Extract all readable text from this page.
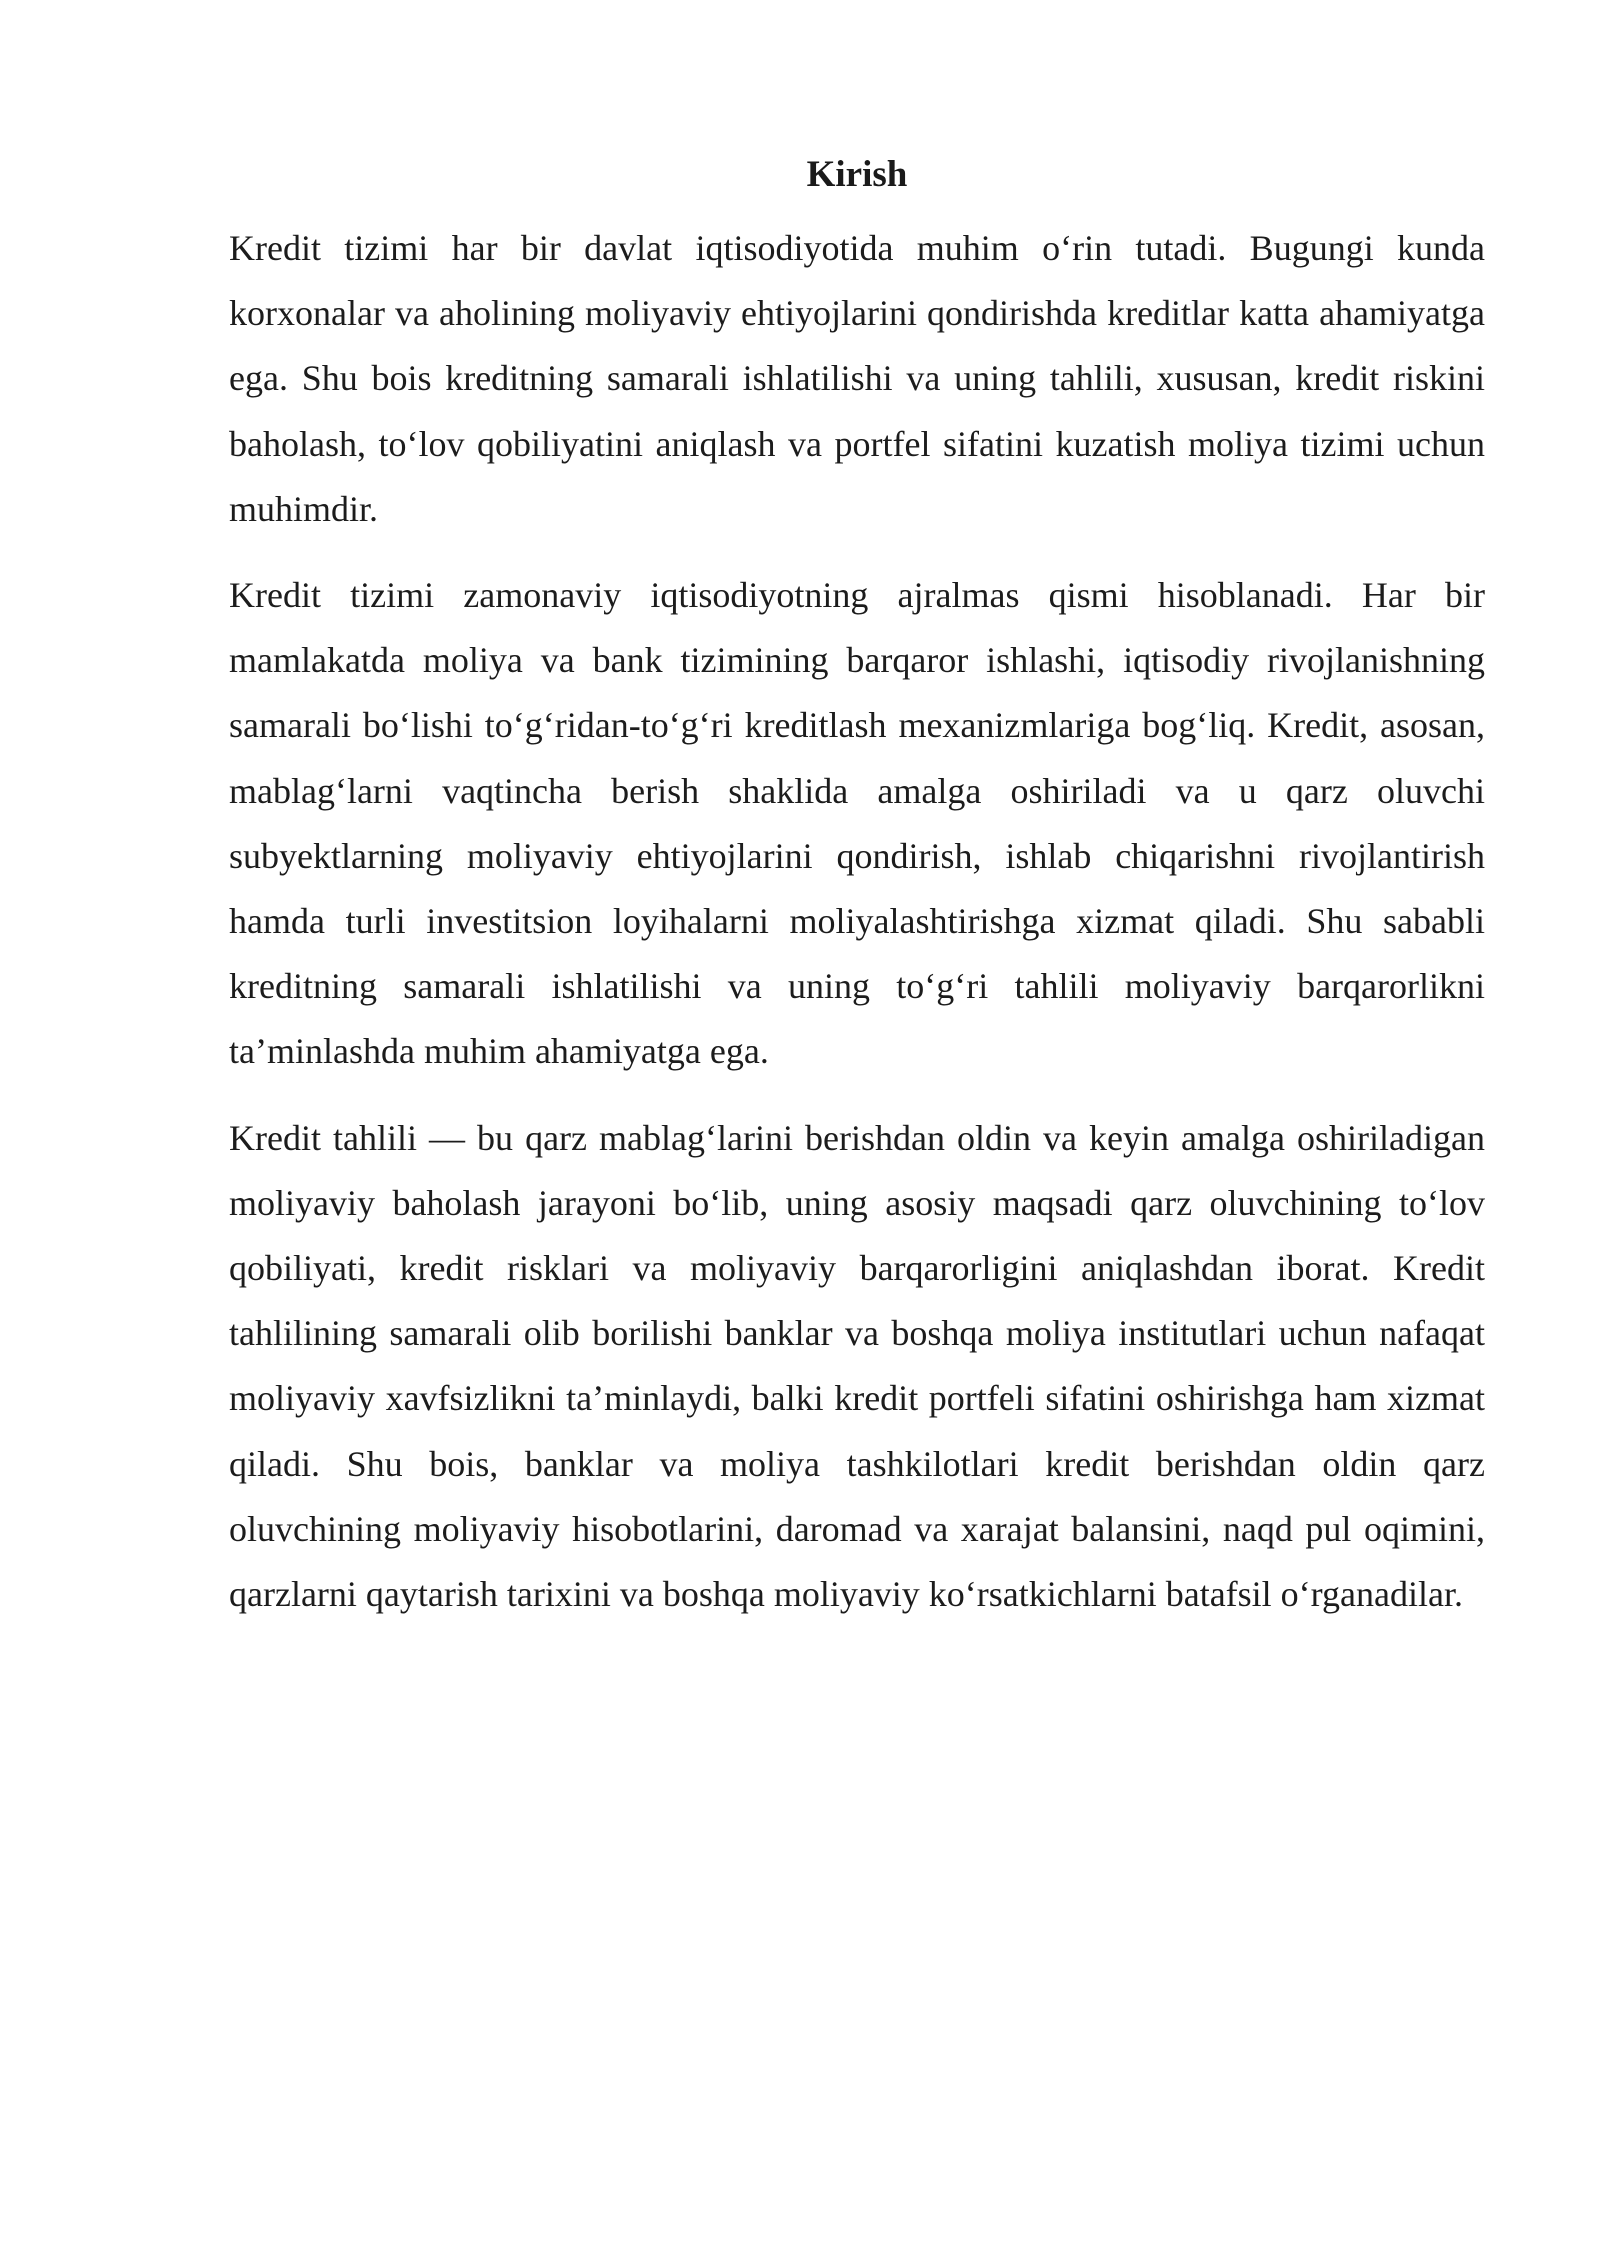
Kirish

Kredit tizimi har bir davlat iqtisodiyotida muhim o‘rin tutadi. Bugungi kunda korxonalar va aholining moliyaviy ehtiyojlarini qondirishda kreditlar katta ahamiyatga ega. Shu bois kreditning samarali ishlatilishi va uning tahlili, xususan, kredit riskini baholash, to‘lov qobiliyatini aniqlash va portfel sifatini kuzatish moliya tizimi uchun muhimdir.

Kredit tizimi zamonaviy iqtisodiyotning ajralmas qismi hisoblanadi. Har bir mamlakatda moliya va bank tizimining barqaror ishlashi, iqtisodiy rivojlanishning samarali bo‘lishi to‘g‘ridan-to‘g‘ri kreditlash mexanizmlariga bog‘liq. Kredit, asosan, mablag‘larni vaqtincha berish shaklida amalga oshiriladi va u qarz oluvchi subyektlarning moliyaviy ehtiyojlarini qondirish, ishlab chiqarishni rivojlantirish hamda turli investitsion loyihalarni moliyalashtirishga xizmat qiladi. Shu sababli kreditning samarali ishlatilishi va uning to‘g‘ri tahlili moliyaviy barqarorlikni ta’minlashda muhim ahamiyatga ega.

Kredit tahlili — bu qarz mablag‘larini berishdan oldin va keyin amalga oshiriladigan moliyaviy baholash jarayoni bo‘lib, uning asosiy maqsadi qarz oluvchining to‘lov qobiliyati, kredit risklari va moliyaviy barqarorligini aniqlashdan iborat. Kredit tahlilining samarali olib borilishi banklar va boshqa moliya institutlari uchun nafaqat moliyaviy xavfsizlikni ta’minlaydi, balki kredit portfeli sifatini oshirishga ham xizmat qiladi. Shu bois, banklar va moliya tashkilotlari kredit berishdan oldin qarz oluvchining moliyaviy hisobotlarini, daromad va xarajat balansini, naqd pul oqimini, qarzlarni qaytarish tarixini va boshqa moliyaviy ko‘rsatkichlarni batafsil o‘rganadilar.
